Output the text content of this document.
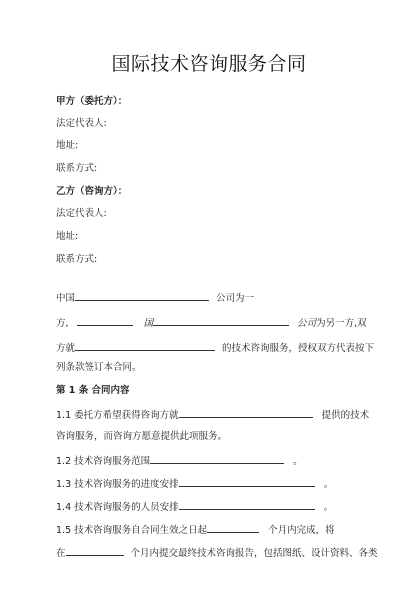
国际技术咨询服务合同
甲方（委托方）：
法定代表人:
地址:
联系方式:
乙方（咨询方）：
法定代表人:
地址:
联系方式:
中国	公司为一
方,	国	公司为另一方,双
方就	的技术咨询服务，授权双方代表按下
列条款签订本合同。
第 1 条 合同内容
1.1 委托方希望获得咨询方就	提供的技术
咨询服务，而咨询方愿意提供此项服务。
1.2 技术咨询服务范围	。
1.3 技术咨询服务的进度安排	。
1.4 技术咨询服务的人员安排	。
1.5 技术咨询服务自合同生效之日起	个月内完成，将
在	个月内提交最终技术咨询报告，包括图纸、设计资料、各类
